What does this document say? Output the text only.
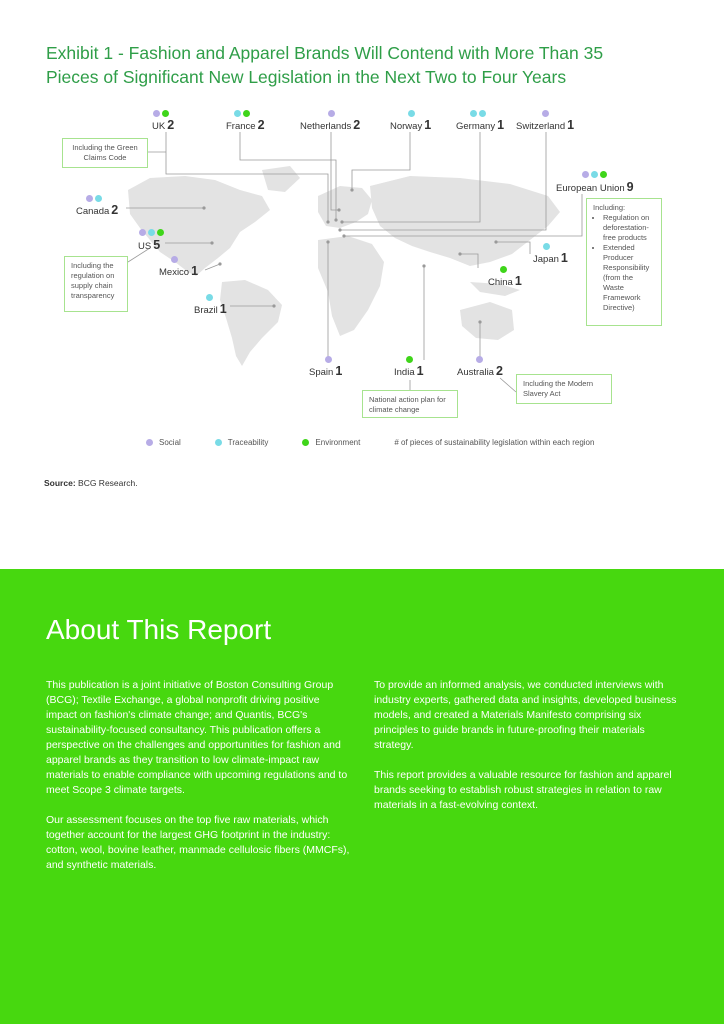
Exhibit 1 - Fashion and Apparel Brands Will Contend with More Than 35
Pieces of Significant New Legislation in the Next Two to Four Years
UK 2	France 2	Netherlands 2	Norway 1	Germany 1 Switzerland 1
European Union 9
Canada 2
US 5
Mexico 1
Brazil 1
Japan 1
China 1
Spain 1	India 1	Australia 2
Including the Green Claims Code
Including the regulation on supply chain transparency
Including:
• Regulation on deforestation-free products
• Extended Producer Responsibility (from the Waste Framework Directive)
National action plan for climate change
Including the Modern Slavery Act
Social	Traceability	Environment	# of pieces of sustainability legislation within each region
Source: BCG Research.
About This Report

This publication is a joint initiative of Boston Consulting Group (BCG); Textile Exchange, a global nonprofit driving positive impact on fashion's climate change; and Quantis, BCG's sustainability-focused consultancy. This publication offers a perspective on the challenges and opportunities for fashion and apparel brands as they transition to low climate-impact raw materials to enable compliance with upcoming regulations and to meet Scope 3 climate targets.

Our assessment focuses on the top five raw materials, which together account for the largest GHG footprint in the industry: cotton, wool, bovine leather, manmade cellulosic fibers (MMCFs), and synthetic materials.

To provide an informed analysis, we conducted interviews with industry experts, gathered data and insights, developed business models, and created a Materials Manifesto comprising six principles to guide brands in future-proofing their materials strategy.

This report provides a valuable resource for fashion and apparel brands seeking to establish robust strategies in relation to raw materials in a fast-evolving context.
